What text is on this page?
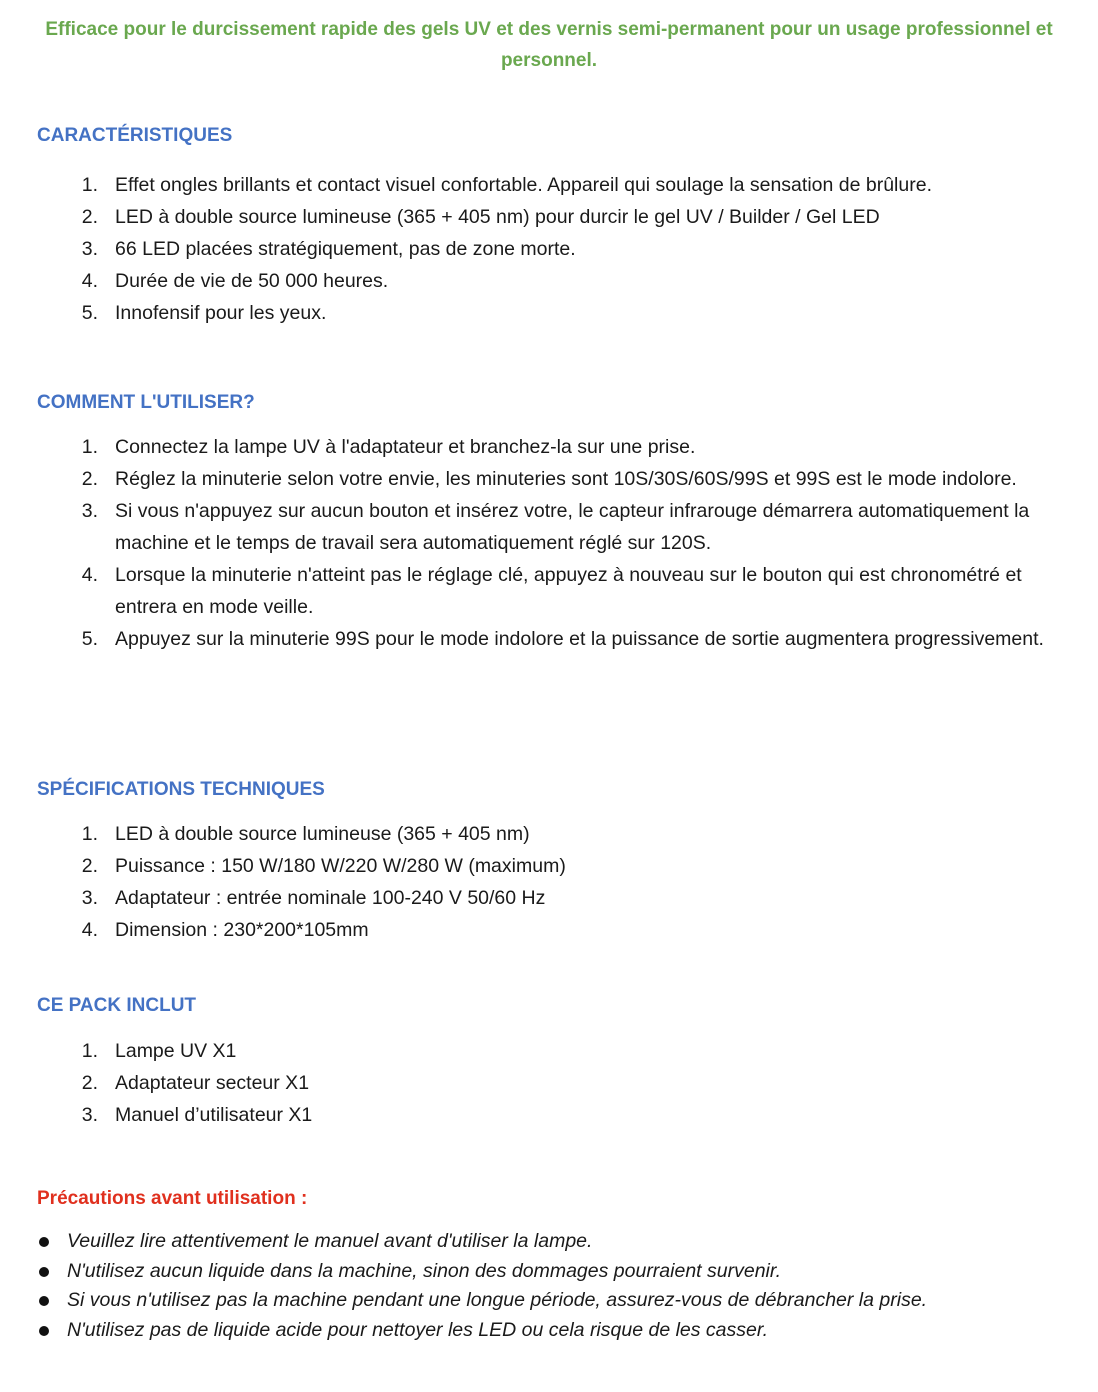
Efficace pour le durcissement rapide des gels UV et des vernis semi-permanent pour un usage professionnel et personnel.
CARACTÉRISTIQUES
1. Effet ongles brillants et contact visuel confortable. Appareil qui soulage la sensation de brûlure.
2. LED à double source lumineuse (365 + 405 nm) pour durcir le gel UV / Builder / Gel LED
3. 66 LED placées stratégiquement, pas de zone morte.
4. Durée de vie de 50 000 heures.
5. Innofensif pour les yeux.
COMMENT L'UTILISER?
1. Connectez la lampe UV à l'adaptateur et branchez-la sur une prise.
2. Réglez la minuterie selon votre envie, les minuteries sont 10S/30S/60S/99S et 99S est le mode indolore.
3. Si vous n'appuyez sur aucun bouton et insérez votre, le capteur infrarouge démarrera automatiquement la machine et le temps de travail sera automatiquement réglé sur 120S.
4. Lorsque la minuterie n'atteint pas le réglage clé, appuyez à nouveau sur le bouton qui est chronométré et entrera en mode veille.
5. Appuyez sur la minuterie 99S pour le mode indolore et la puissance de sortie augmentera progressivement.
SPÉCIFICATIONS TECHNIQUES
1. LED à double source lumineuse (365 + 405 nm)
2. Puissance : 150 W/180 W/220 W/280 W (maximum)
3. Adaptateur : entrée nominale 100-240 V 50/60 Hz
4. Dimension : 230*200*105mm
CE PACK INCLUT
1. Lampe UV X1
2. Adaptateur secteur X1
3. Manuel d’utilisateur X1
Précautions avant utilisation :
Veuillez lire attentivement le manuel avant d'utiliser la lampe.
N'utilisez aucun liquide dans la machine, sinon des dommages pourraient survenir.
Si vous n'utilisez pas la machine pendant une longue période, assurez-vous de débrancher la prise.
N'utilisez pas de liquide acide pour nettoyer les LED ou cela risque de les casser.
